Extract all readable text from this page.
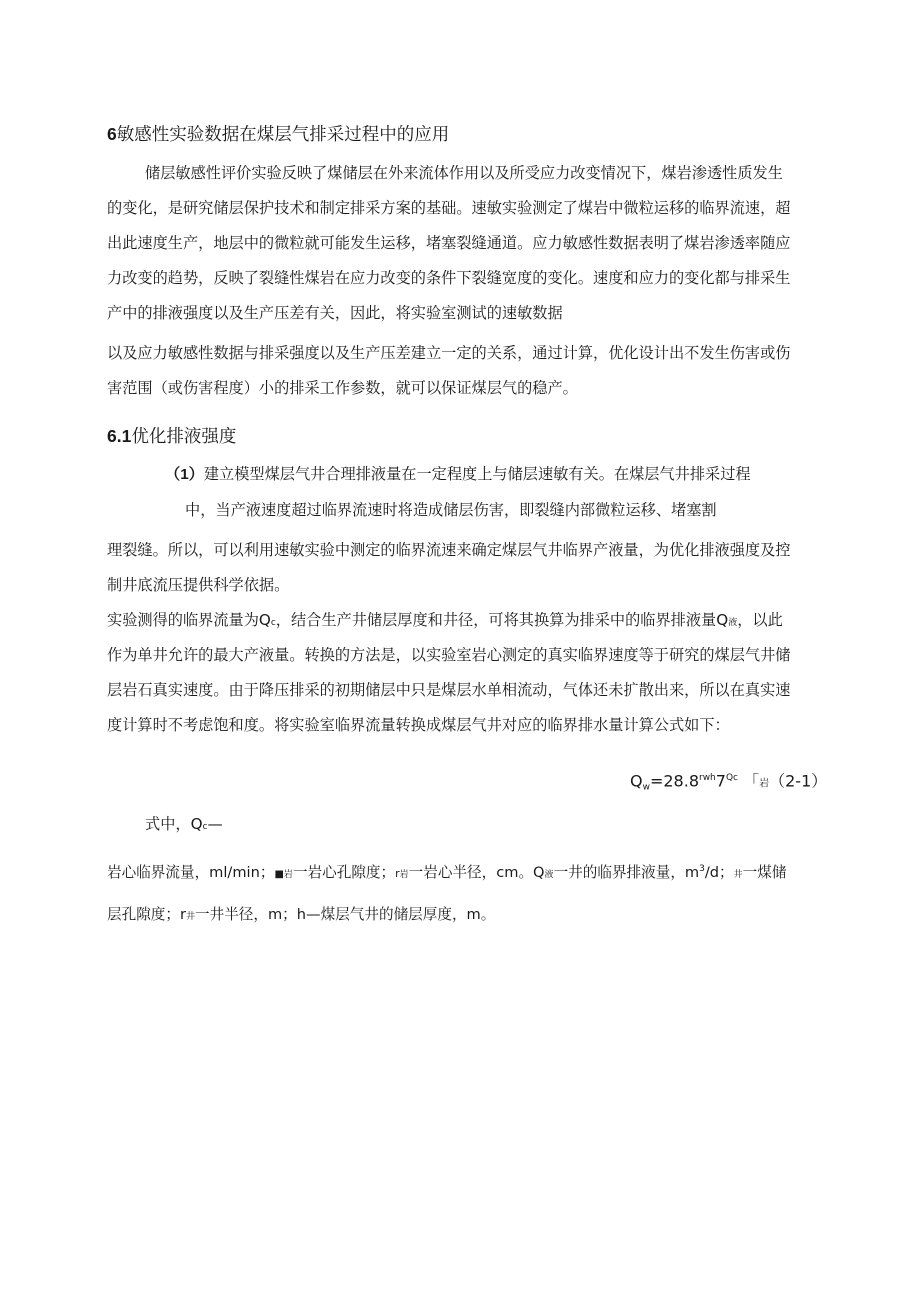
6敏感性实验数据在煤层气排采过程中的应用
储层敏感性评价实验反映了煤储层在外来流体作用以及所受应力改变情况下，煤岩渗透性质发生
的变化，是研究储层保护技术和制定排采方案的基础。速敏实验测定了煤岩中微粒运移的临界流速，超
出此速度生产，地层中的微粒就可能发生运移，堵塞裂缝通道。应力敏感性数据表明了煤岩渗透率随应
力改变的趋势，反映了裂缝性煤岩在应力改变的条件下裂缝宽度的变化。速度和应力的变化都与排采生
产中的排液强度以及生产压差有关，因此，将实验室测试的速敏数据
以及应力敏感性数据与排采强度以及生产压差建立一定的关系，通过计算，优化设计出不发生伤害或伤
害范围（或伤害程度）小的排采工作参数，就可以保证煤层气的稳产。
6.1优化排液强度
（1）建立模型煤层气井合理排液量在一定程度上与储层速敏有关。在煤层气井排采过程
中，当产液速度超过临界流速时将造成储层伤害，即裂缝内部微粒运移、堵塞割
理裂缝。所以，可以利用速敏实验中测定的临界流速来确定煤层气井临界产液量，为优化排液强度及控
制井底流压提供科学依据。
实验测得的临界流量为Qc，结合生产井储层厚度和井径，可将其换算为排采中的临界排液量Q液，以此
作为单井允许的最大产液量。转换的方法是，以实验室岩心测定的真实临界速度等于研究的煤层气井储
层岩石真实速度。由于降压排采的初期储层中只是煤层水单相流动，气体还未扩散出来，所以在真实速
度计算时不考虑饱和度。将实验室临界流量转换成煤层气井对应的临界排水量计算公式如下：
$Qw=28.8^{rwh}7^{Qc}$ 「岩（2-1）
式中，Qc—
岩心临界流量，ml/min；■岩一岩心孔隙度；r岩一岩心半径，cm。Q液一井的临界排液量，$m^3/d$；井一煤储
层孔隙度；r井一井半径，m；h—煤层气井的储层厚度，m。
